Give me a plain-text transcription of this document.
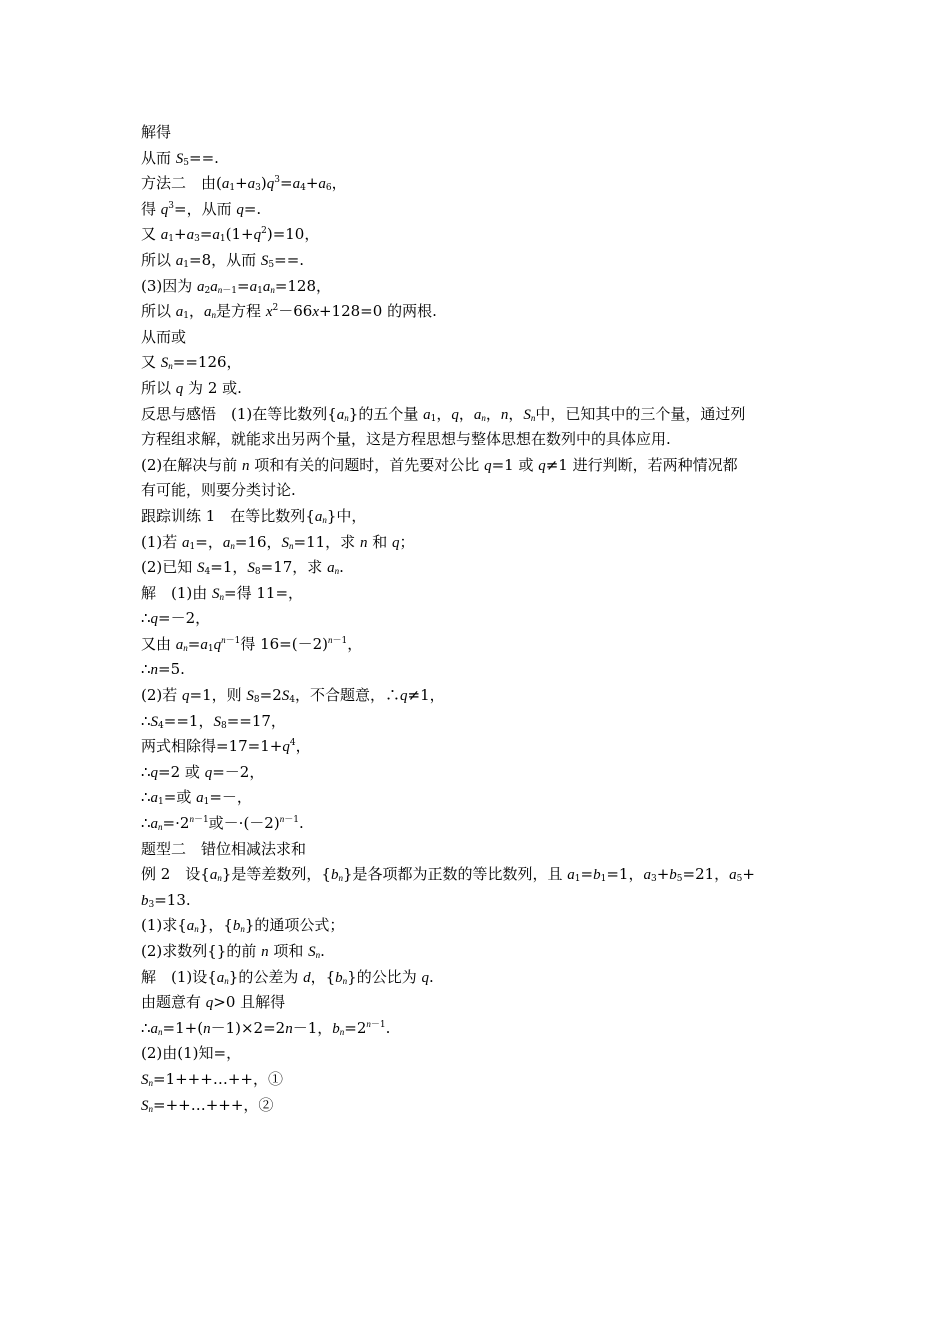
解得
从而 $S_5==$.
方法二　由$(a_1+a_3)q^3=a_4+a_6$，
得 $q^3=$，从而 q=.
又 $a_1+a_3=a_1(1+q^2)=10$，
所以 $a_1=8$，从而 $S_5==$.
(3)因为 $a_2a_{n-1}=a_1a_n=128$，
所以 $a_1$，$a_n$是方程 $x^2-66x+128=0$ 的两根.
从而或
又 $S_n==126$，
所以 q 为 2 或.
反思与感悟　(1)在等比数列$\{a_n\}$的五个量 $a_1$，q，$a_n$，n，$S_n$中，已知其中的三个量，通过列
方程组求解，就能求出另两个量，这是方程思想与整体思想在数列中的具体应用.
(2)在解决与前 n 项和有关的问题时，首先要对公比 q=1 或 q≠1 进行判断，若两种情况都
有可能，则要分类讨论.
跟踪训练 1　在等比数列$\{a_n\}$中，
(1)若 $a_1=$，$a_n=16$，$S_n=11$，求 n 和 q；
(2)已知 $S_4=1$，$S_8=17$，求 $a_n$.
解　(1)由 $S_n=$得 11=，
∴q=－2，
又由 $a_n=a_1q^{n-1}$得 $16=(-2)^{n-1}$，
∴n=5.
(2)若 q=1，则 $S_8=2S_4$，不合题意，∴q≠1，
$\therefore S_4==1$，$S_8==17$，
两式相除得$=17=1+q^4$，
∴q=2 或 q=－2，
$\therefore a_1=$或 $a_1=-$，
$\therefore a_n=\cdot 2^{n-1}$或$-\cdot(-2)^{n-1}$.
题型二　错位相减法求和
例 2　设$\{a_n\}$是等差数列，$\{b_n\}$是各项都为正数的等比数列，且 $a_1=b_1=1$，$a_3+b_5=21$，$a_5+$
$b_3=13$.
(1)求$\{a_n\}$，$\{b_n\}$的通项公式；
(2)求数列{}的前 n 项和 $S_n$.
解　(1)设$\{a_n\}$的公差为 d，$\{b_n\}$的公比为 q.
由题意有 q>0 且解得
$\therefore a_n=1+(n-1)\times 2=2n-1$，$b_n=2^{n-1}$.
(2)由(1)知=，
$S_n=1+++\dots++$，①
$S_n=++\dots+++$，②
